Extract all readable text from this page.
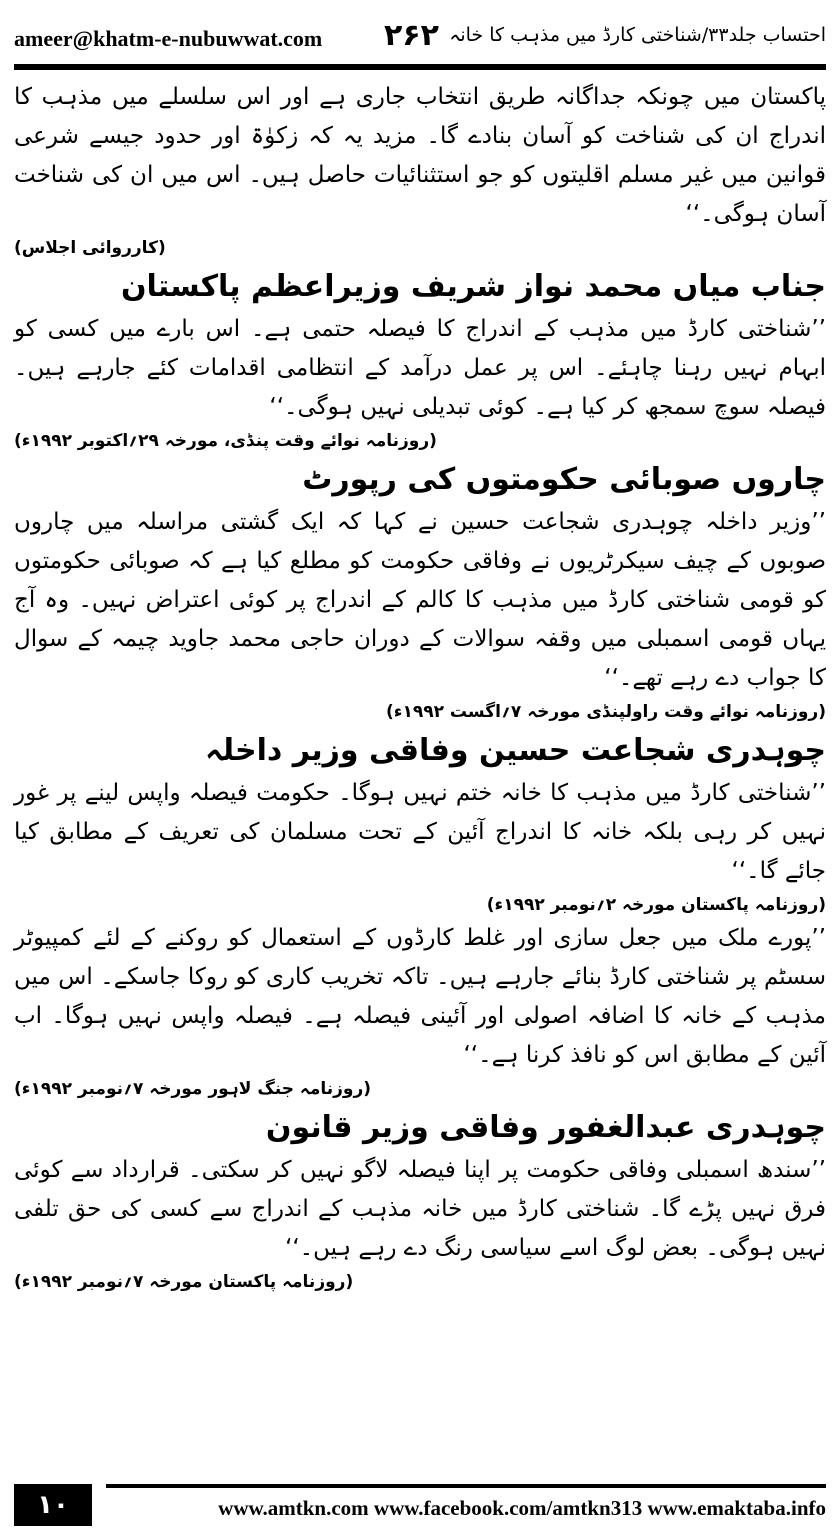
ameer@khatm-e-nubuwwat.com ۲۶۲ احتساب جلد۳۳/شناختی کارڈ میں مذہب کا خانہ

پاکستان میں چونکہ جداگانہ طریق انتخاب جاری ہے اور اس سلسلے میں مذہب کا اندراج ان کی شناخت کو آسان بنادے گا۔ مزید یہ کہ زکوٰۃ اور حدود جیسے شرعی قوانین میں غیر مسلم اقلیتوں کو جو استثنائیات حاصل ہیں۔ اس میں ان کی شناخت آسان ہوگی۔‘‘

(کارروائی اجلاس)

جناب میاں محمد نواز شریف وزیراعظم پاکستان

’’شناختی کارڈ میں مذہب کے اندراج کا فیصلہ حتمی ہے۔ اس بارے میں کسی کو ابہام نہیں رہنا چاہئے۔ اس پر عمل درآمد کے انتظامی اقدامات کئے جارہے ہیں۔ فیصلہ سوچ سمجھ کر کیا ہے۔ کوئی تبدیلی نہیں ہوگی۔‘‘

(روزنامہ نوائے وقت پنڈی، مورخہ ۲۹؍اکتوبر ۱۹۹۲ء)

چاروں صوبائی حکومتوں کی رپورٹ

’’وزیر داخلہ چوہدری شجاعت حسین نے کہا کہ ایک گشتی مراسلہ میں چاروں صوبوں کے چیف سیکرٹریوں نے وفاقی حکومت کو مطلع کیا ہے کہ صوبائی حکومتوں کو قومی شناختی کارڈ میں مذہب کا کالم کے اندراج پر کوئی اعتراض نہیں۔ وہ آج یہاں قومی اسمبلی میں وقفہ سوالات کے دوران حاجی محمد جاوید چیمہ کے سوال کا جواب دے رہے تھے۔‘‘

(روزنامہ نوائے وقت راولپنڈی مورخہ ۷؍اگست ۱۹۹۲ء)

چوہدری شجاعت حسین وفاقی وزیر داخلہ

’’شناختی کارڈ میں مذہب کا خانہ ختم نہیں ہوگا۔ حکومت فیصلہ واپس لینے پر غور نہیں کر رہی بلکہ خانہ کا اندراج آئین کے تحت مسلمان کی تعریف کے مطابق کیا جائے گا۔‘‘

(روزنامہ پاکستان مورخہ ۲؍نومبر ۱۹۹۲ء)

’’پورے ملک میں جعل سازی اور غلط کارڈوں کے استعمال کو روکنے کے لئے کمپیوٹر سسٹم پر شناختی کارڈ بنائے جارہے ہیں۔ تاکہ تخریب کاری کو روکا جاسکے۔ اس میں مذہب کے خانہ کا اضافہ اصولی اور آئینی فیصلہ ہے۔ فیصلہ واپس نہیں ہوگا۔ اب آئین کے مطابق اس کو نافذ کرنا ہے۔‘‘

(روزنامہ جنگ لاہور مورخہ ۷؍نومبر ۱۹۹۲ء)

چوہدری عبدالغفور وفاقی وزیر قانون

’’سندھ اسمبلی وفاقی حکومت پر اپنا فیصلہ لاگو نہیں کر سکتی۔ قرارداد سے کوئی فرق نہیں پڑے گا۔ شناختی کارڈ میں خانہ مذہب کے اندراج سے کسی کی حق تلفی نہیں ہوگی۔ بعض لوگ اسے سیاسی رنگ دے رہے ہیں۔‘‘

(روزنامہ پاکستان مورخہ ۷؍نومبر ۱۹۹۲ء)

۱۰	www.amtkn.com www.facebook.com/amtkn313 www.emaktaba.info
